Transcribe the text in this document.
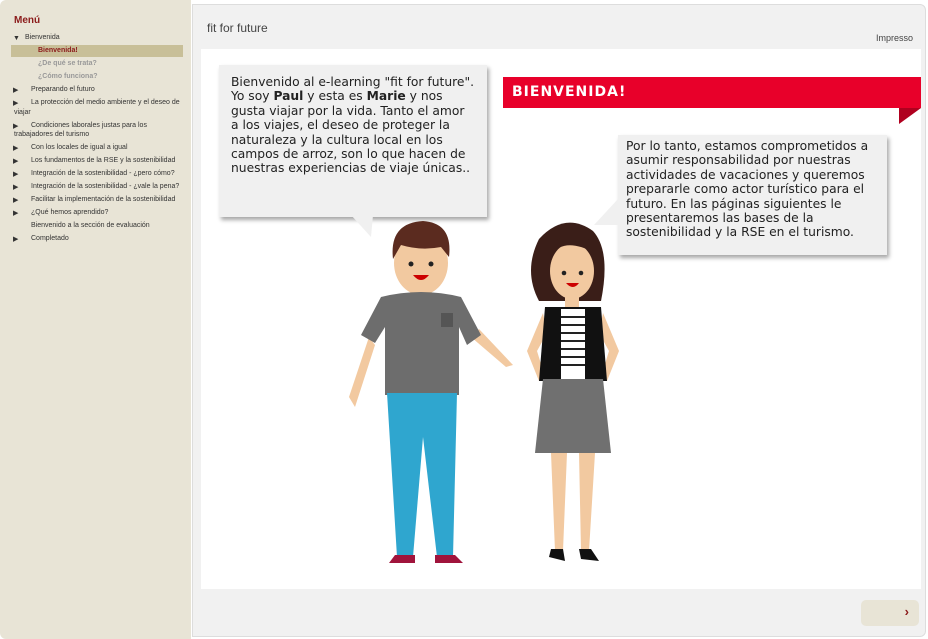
Menú
▼ Bienvenida
Bienvenida!
¿De qué se trata?
¿Cómo funciona?
▶ Preparando el futuro
▶ La protección del medio ambiente y el deseo de viajar
▶ Condiciones laborales justas para los trabajadores del turismo
▶ Con los locales de igual a igual
▶ Los fundamentos de la RSE y la sostenibilidad
▶ Integración de la sostenibilidad - ¿pero cómo?
▶ Integración de la sostenibilidad - ¿vale la pena?
▶ Facilitar la implementación de la sostenibilidad
▶ ¿Qué hemos aprendido?
Bienvenido a la sección de evaluación
▶ Completado
fit for future
Impresso
Bienvenido al e-learning "fit for future". Yo soy Paul y esta es Marie y nos gusta viajar por la vida. Tanto el amor a los viajes, el deseo de proteger la naturaleza y la cultura local en los campos de arroz, son lo que hacen de nuestras experiencias de viaje únicas..
BIENVENIDA!
Por lo tanto, estamos comprometidos a asumir responsabilidad por nuestras actividades de vacaciones y queremos prepararle como actor turístico para el futuro. En las páginas siguientes le presentaremos las bases de la sostenibilidad y la RSE en el turismo.
›
